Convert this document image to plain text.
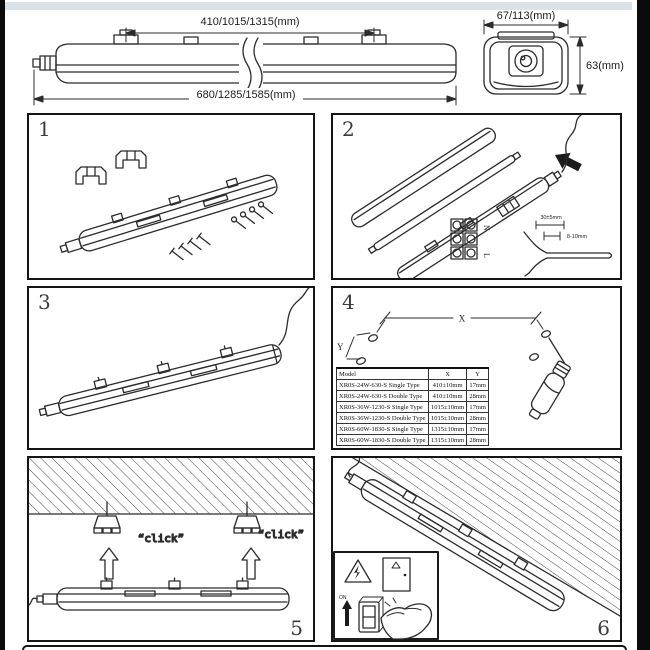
410/1015/1315(mm)
680/1285/1585(mm)
67/113(mm)
63(mm)
1	2
N
L
30±5mm
8-10mm
3	4
X
Y
Model	X	Y
XR0S-24W-630-S Single Type	410±10mm	17mm
XR0S-24W-630-S Double Type	410±10mm	28mm
XR0S-36W-1230-S Single Type	1015±10mm	17mm
XR0S-36W-1230-S Double Type	1015±10mm	28mm
XR0S-60W-1830-S Single Type	1315±10mm	17mm
XR0S-60W-1830-S Double Type	1315±10mm	28mm
5
“click”	“click”
6
ON
